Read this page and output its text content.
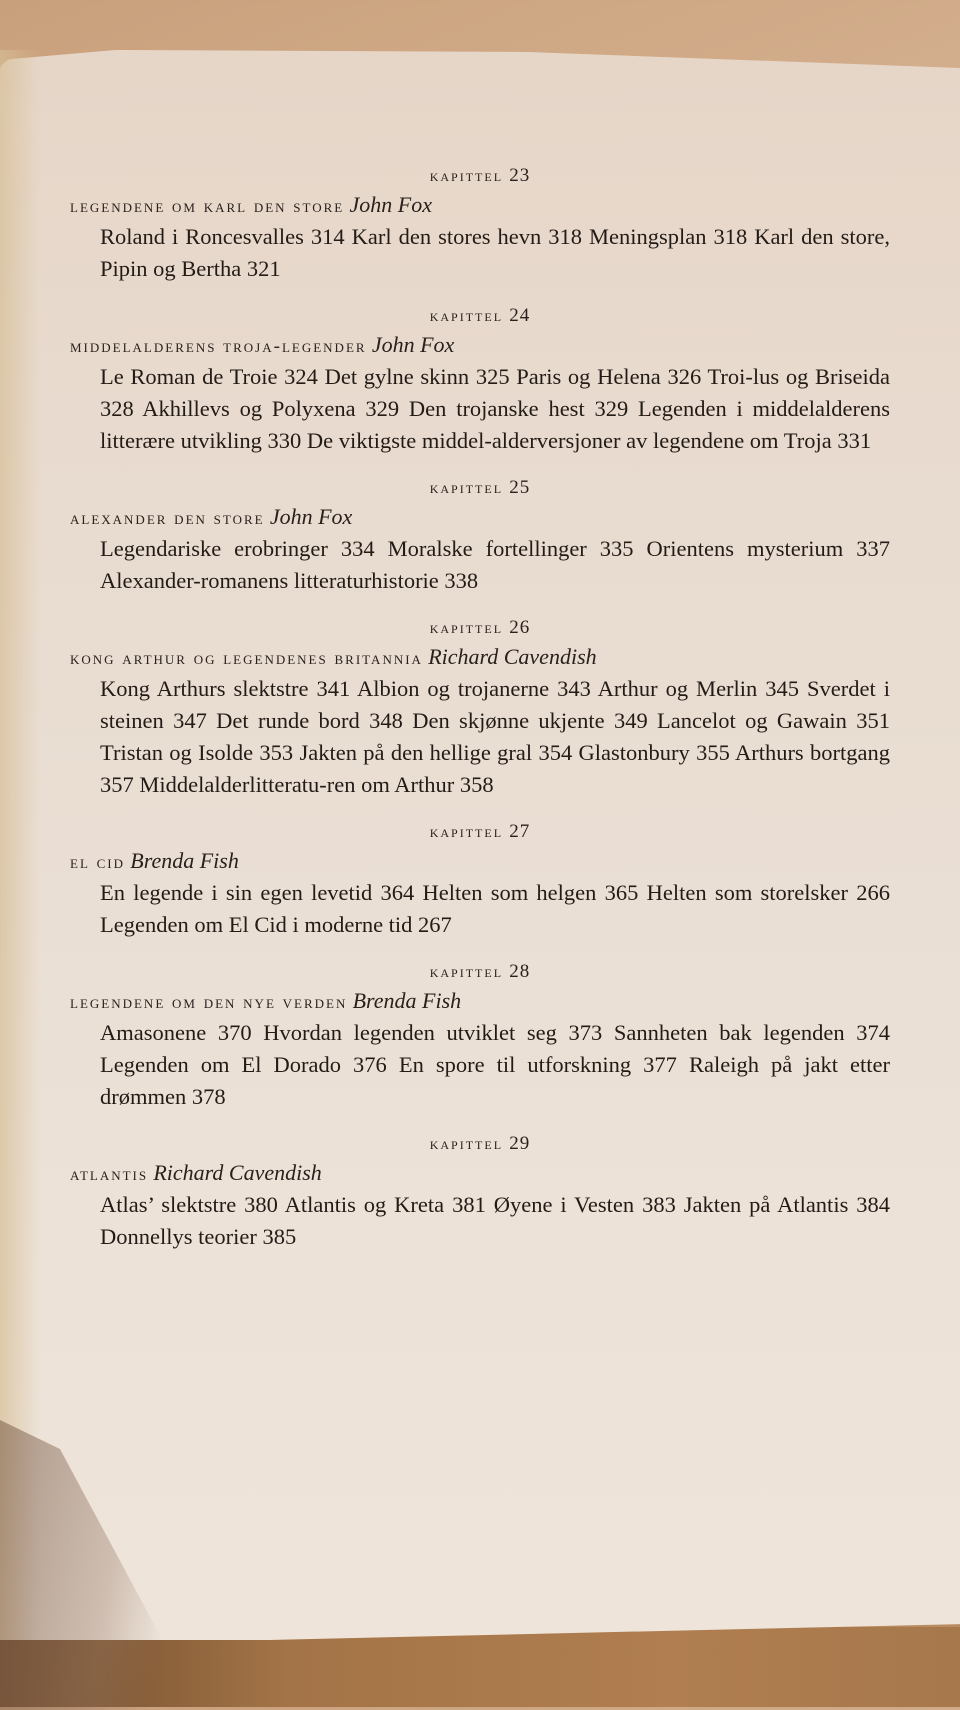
kapittel 23
legendene om karl den store John Fox
Roland i Roncesvalles 314 Karl den stores hevn 318 Meningsplan 318 Karl den store, Pipin og Bertha 321
kapittel 24
middelalderens troja-legender John Fox
Le Roman de Troie 324 Det gylne skinn 325 Paris og Helena 326 Troi-lus og Briseida 328 Akhillevs og Polyxena 329 Den trojanske hest 329 Legenden i middelalderens litterære utvikling 330 De viktigste middel-alderversjoner av legendene om Troja 331
kapittel 25
alexander den store John Fox
Legendariske erobringer 334 Moralske fortellinger 335 Orientens mysterium 337 Alexander-romanens litteraturhistorie 338
kapittel 26
kong arthur og legendenes britannia Richard Cavendish
Kong Arthurs slektstre 341 Albion og trojanerne 343 Arthur og Merlin 345 Sverdet i steinen 347 Det runde bord 348 Den skjønne ukjente 349 Lancelot og Gawain 351 Tristan og Isolde 353 Jakten på den hellige gral 354 Glastonbury 355 Arthurs bortgang 357 Middelalderlitteratu-ren om Arthur 358
kapittel 27
el cid Brenda Fish
En legende i sin egen levetid 364 Helten som helgen 365 Helten som storelsker 266 Legenden om El Cid i moderne tid 267
kapittel 28
legendene om den nye verden Brenda Fish
Amasonene 370 Hvordan legenden utviklet seg 373 Sannheten bak legenden 374 Legenden om El Dorado 376 En spore til utforskning 377 Raleigh på jakt etter drømmen 378
kapittel 29
atlantis Richard Cavendish
Atlas’ slektstre 380 Atlantis og Kreta 381 Øyene i Vesten 383 Jakten på Atlantis 384 Donnellys teorier 385
